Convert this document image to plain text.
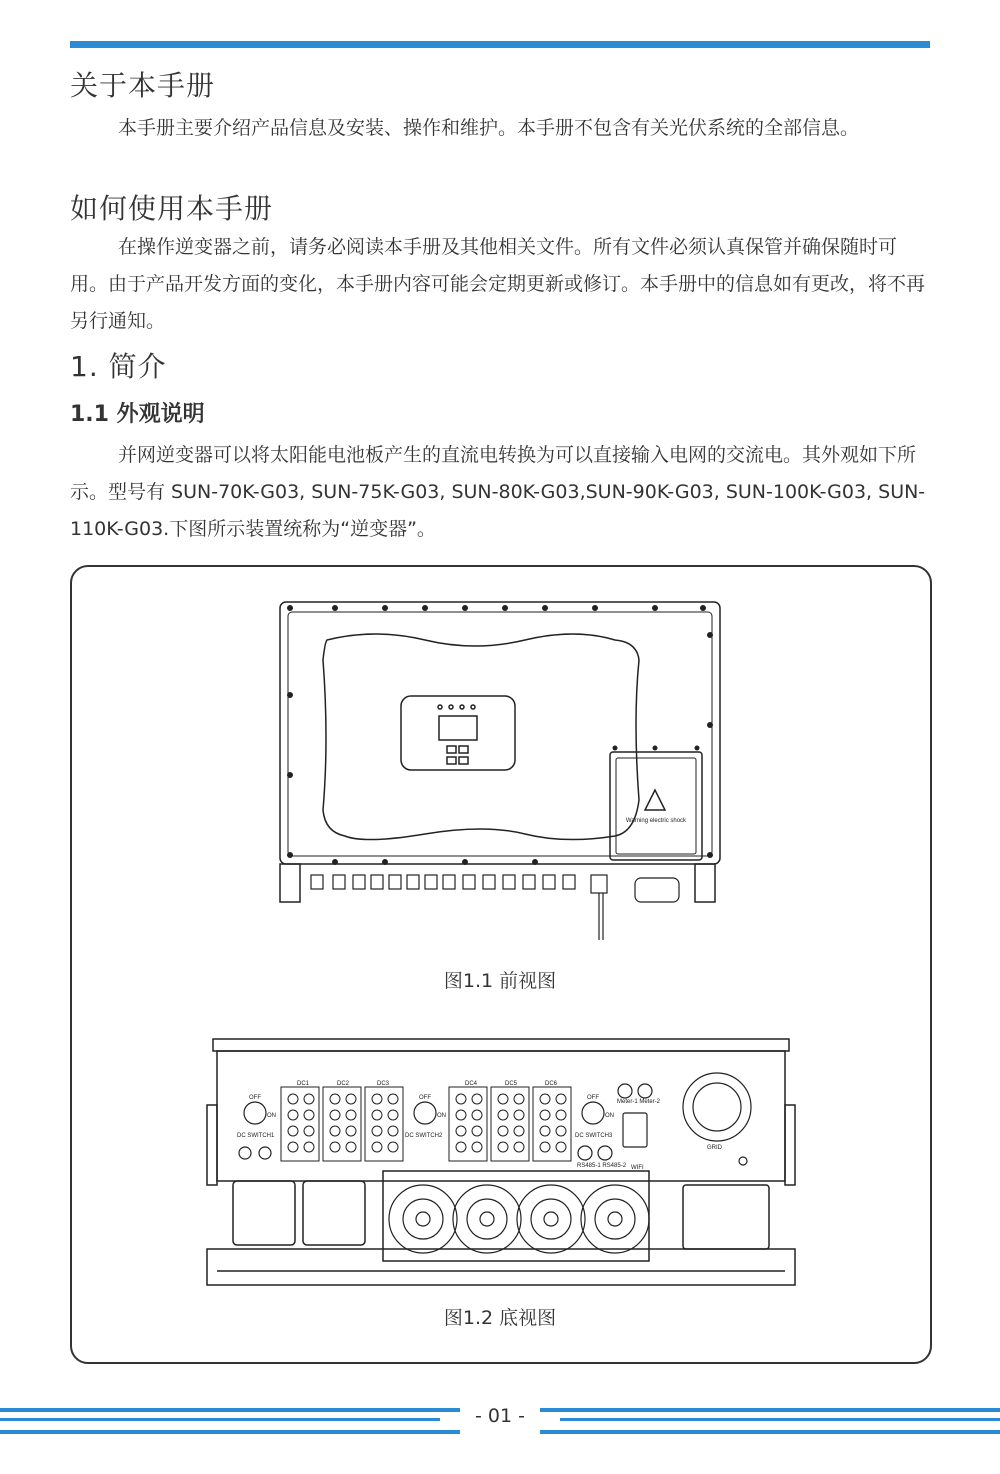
关于本手册

本手册主要介绍产品信息及安装、操作和维护。本手册不包含有关光伏系统的全部信息。

如何使用本手册

在操作逆变器之前，请务必阅读本手册及其他相关文件。所有文件必须认真保管并确保随时可用。由于产品开发方面的变化，本手册内容可能会定期更新或修订。本手册中的信息如有更改，将不再另行通知。

1. 简介
1.1 外观说明

并网逆变器可以将太阳能电池板产生的直流电转换为可以直接输入电网的交流电。其外观如下所示。型号有 SUN-70K-G03, SUN-75K-G03, SUN-80K-G03,SUN-90K-G03, SUN-100K-G03, SUN-110K-G03.下图所示装置统称为“逆变器”。

Warning electric shock
图1.1 前视图
OFF
ON
DC SWITCH1
OFF
ON
DC SWITCH2
OFF
ON
DC SWITCH3
DC1	DC2	DC3	DC4	DC5	DC6
Meter-1 Meter-2
RS485-1 RS485-2 WIFI
GRID
图1.2 底视图
- 01 -
